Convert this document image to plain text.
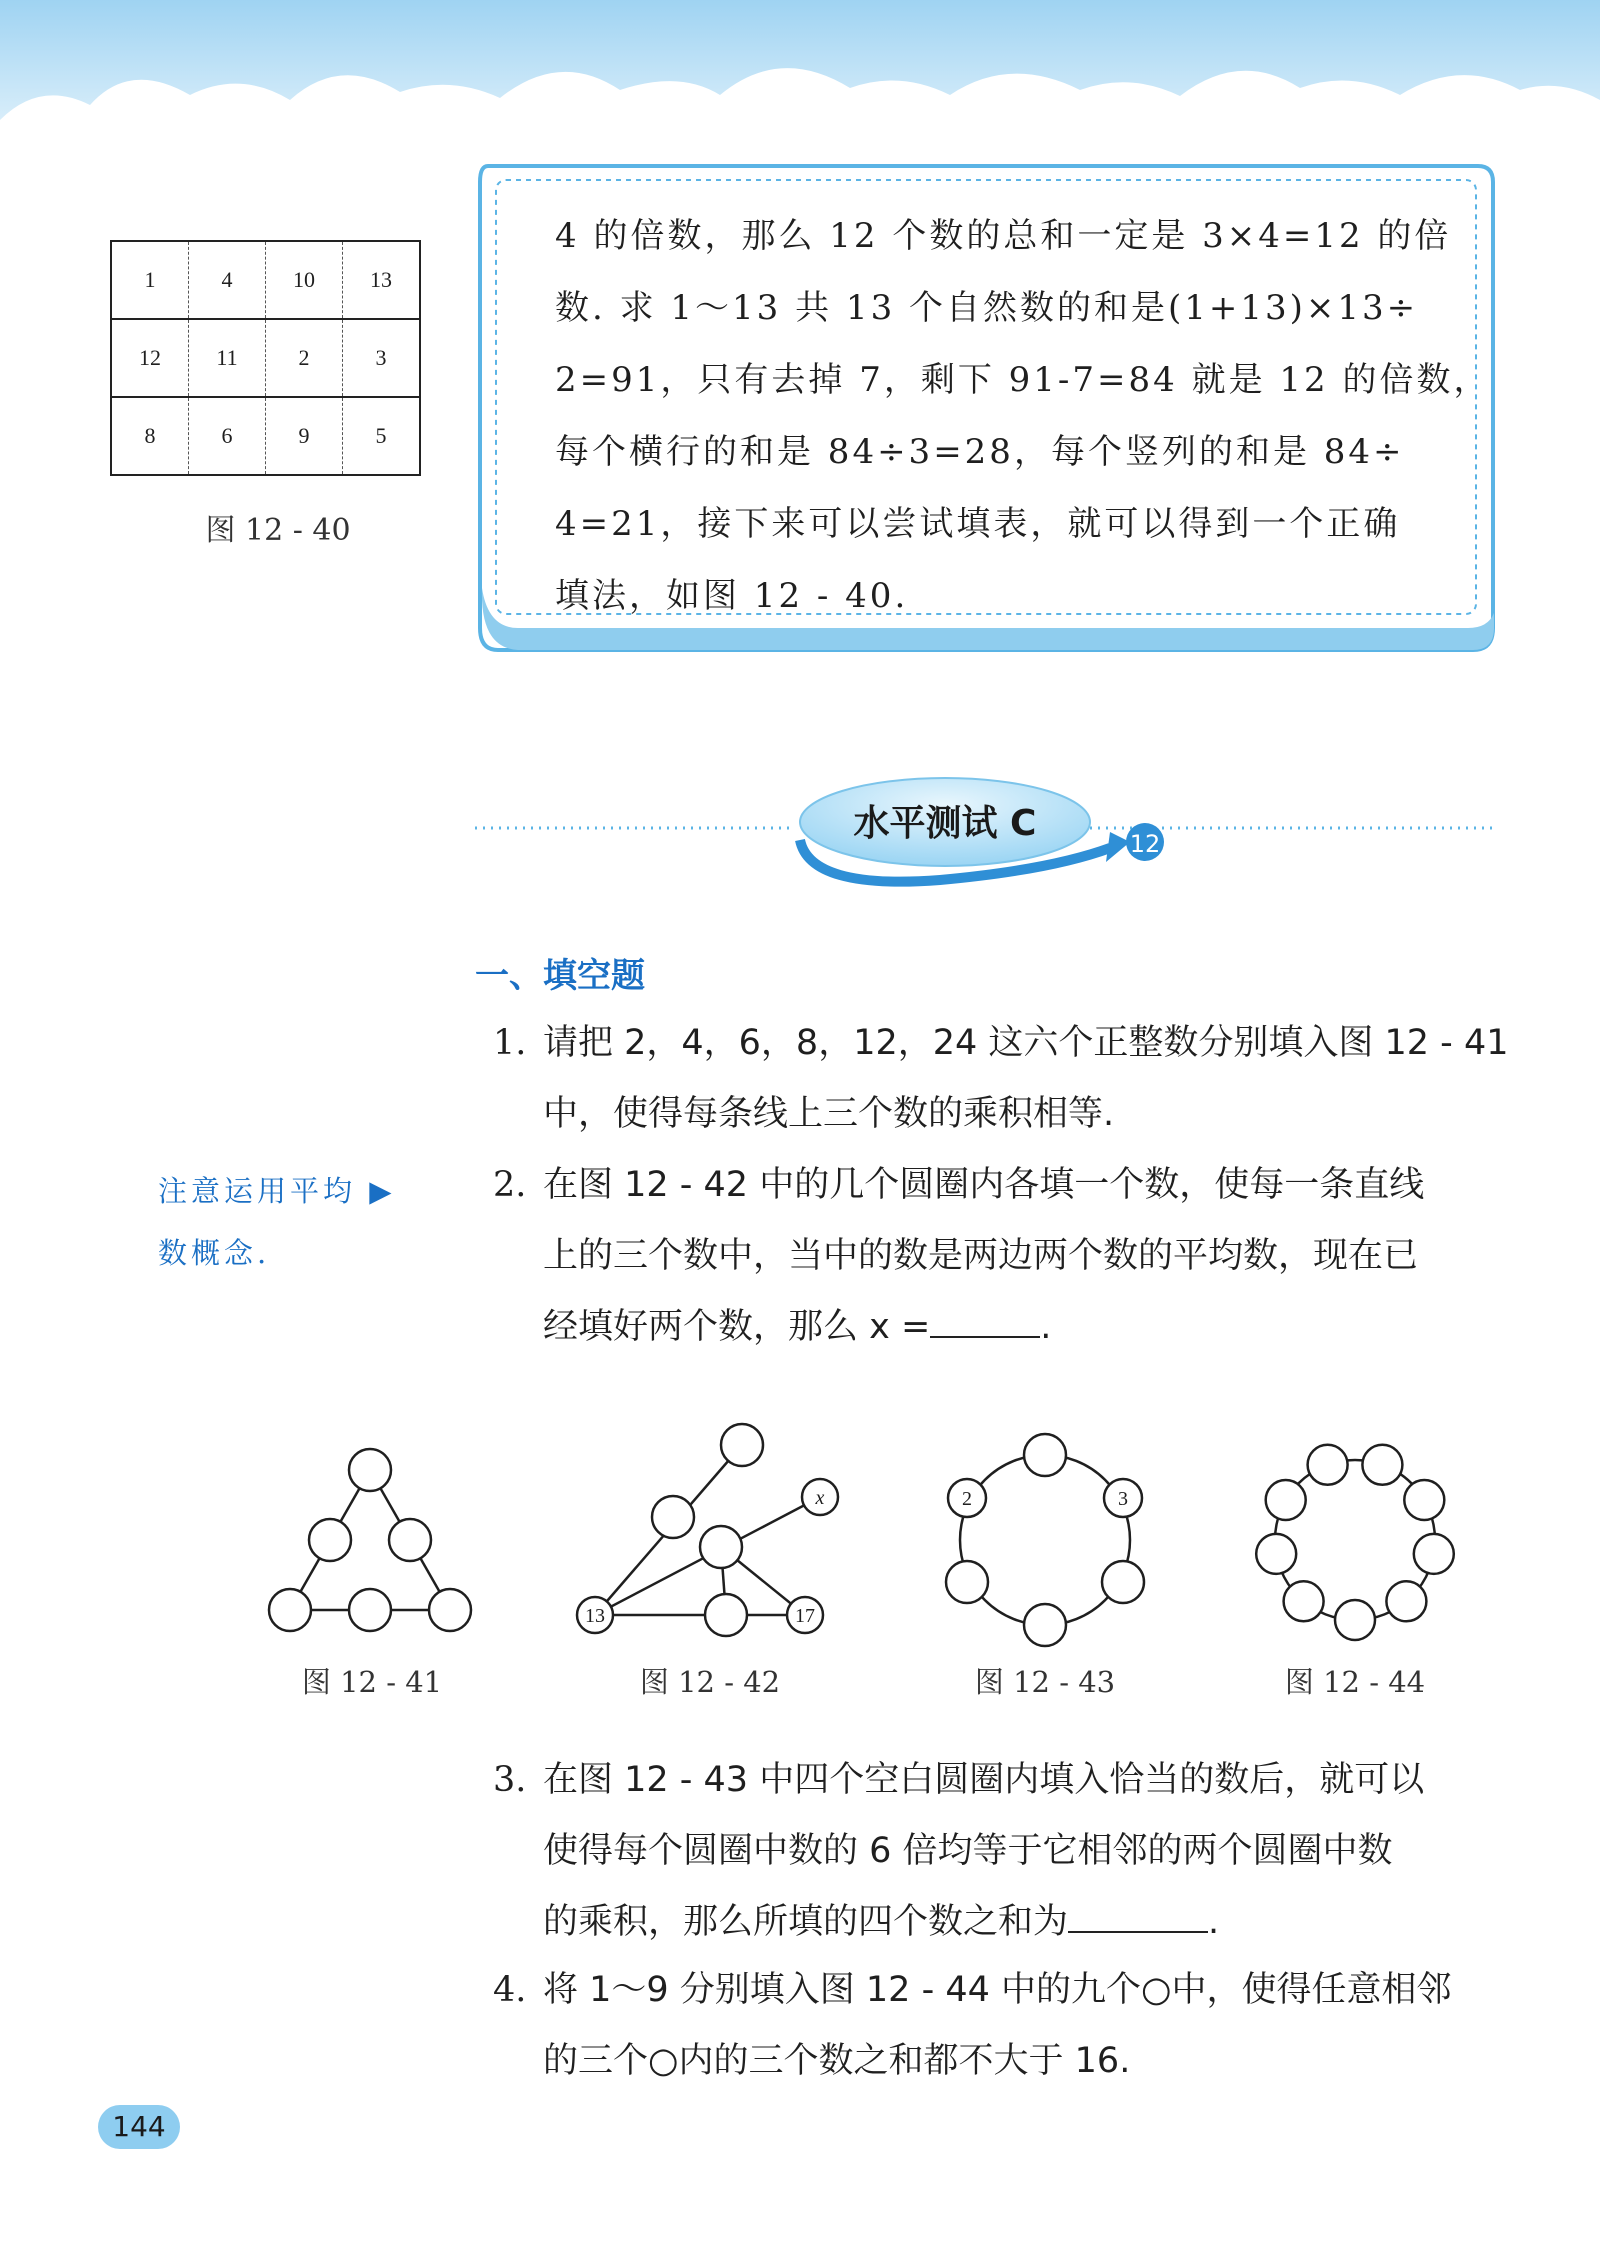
1	4	10	13
12	11	2	3
8	6	9	5
图 12 - 40

4 的倍数，那么 12 个数的总和一定是 3×4=12 的倍

数. 求 1～13 共 13 个自然数的和是(1+13)×13÷

2=91，只有去掉 7，剩下 91-7=84 就是 12 的倍数，

每个横行的和是 84÷3=28，每个竖列的和是 84÷

4=21，接下来可以尝试填表，就可以得到一个正确

填法，如图 12 - 40.

水平测试 C	12
一、填空题

注意运用平均 ▶

数概念.

1. 请把 2，4，6，8，12，24 这六个正整数分别填入图 12 - 41
中，使得每条线上三个数的乘积相等.
2. 在图 12 - 42 中的几个圆圈内各填一个数，使每一条直线
上的三个数中，当中的数是两边两个数的平均数，现在已
经填好两个数，那么 x =	.
x
13	17
2	3
图 12 - 41	图 12 - 42	图 12 - 43	图 12 - 44
3. 在图 12 - 43 中四个空白圆圈内填入恰当的数后，就可以
使得每个圆圈中数的 6 倍均等于它相邻的两个圆圈中数
的乘积，那么所填的四个数之和为	.
4. 将 1～9 分别填入图 12 - 44 中的九个○中，使得任意相邻
的三个○内的三个数之和都不大于 16.
144
